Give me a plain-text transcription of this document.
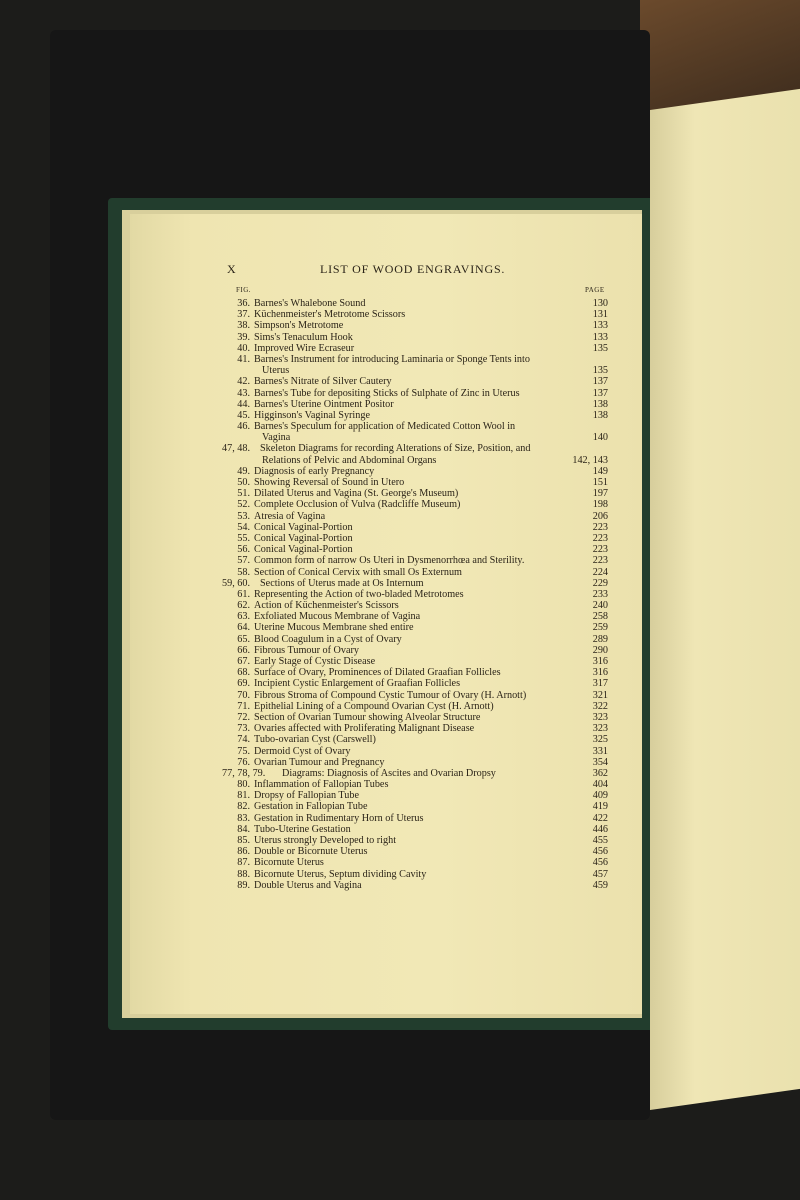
X	LIST OF WOOD ENGRAVINGS.
FIG.	PAGE
36. Barnes's Whalebone Sound	130
37. Küchenmeister's Metrotome Scissors	131
38. Simpson's Metrotome	133
39. Sims's Tenaculum Hook	133
40. Improved Wire Ecraseur	135
41. Barnes's Instrument for introducing Laminaria or Sponge Tents into
Uterus	135
42. Barnes's Nitrate of Silver Cautery	137
43. Barnes's Tube for depositing Sticks of Sulphate of Zinc in Uterus	137
44. Barnes's Uterine Ointment Positor	138
45. Higginson's Vaginal Syringe	138
46. Barnes's Speculum for application of Medicated Cotton Wool in
Vagina	140
47, 48. Skeleton Diagrams for recording Alterations of Size, Position, and
Relations of Pelvic and Abdominal Organs	142, 143
49. Diagnosis of early Pregnancy	149
50. Showing Reversal of Sound in Utero	151
51. Dilated Uterus and Vagina (St. George's Museum)	197
52. Complete Occlusion of Vulva (Radcliffe Museum)	198
53. Atresia of Vagina	206
54. Conical Vaginal-Portion	223
55. Conical Vaginal-Portion	223
56. Conical Vaginal-Portion	223
57. Common form of narrow Os Uteri in Dysmenorrhœa and Sterility.	223
58. Section of Conical Cervix with small Os Externum	224
59, 60. Sections of Uterus made at Os Internum	229
61. Representing the Action of two-bladed Metrotomes	233
62. Action of Küchenmeister's Scissors	240
63. Exfoliated Mucous Membrane of Vagina	258
64. Uterine Mucous Membrane shed entire	259
65. Blood Coagulum in a Cyst of Ovary	289
66. Fibrous Tumour of Ovary	290
67. Early Stage of Cystic Disease	316
68. Surface of Ovary, Prominences of Dilated Graafian Follicles	316
69. Incipient Cystic Enlargement of Graafian Follicles	317
70. Fibrous Stroma of Compound Cystic Tumour of Ovary (H. Arnott)	321
71. Epithelial Lining of a Compound Ovarian Cyst (H. Arnott)	322
72. Section of Ovarian Tumour showing Alveolar Structure	323
73. Ovaries affected with Proliferating Malignant Disease	323
74. Tubo-ovarian Cyst (Carswell)	325
75. Dermoid Cyst of Ovary	331
76. Ovarian Tumour and Pregnancy	354
77, 78, 79. Diagrams: Diagnosis of Ascites and Ovarian Dropsy	362
80. Inflammation of Fallopian Tubes	404
81. Dropsy of Fallopian Tube	409
82. Gestation in Fallopian Tube	419
83. Gestation in Rudimentary Horn of Uterus	422
84. Tubo-Uterine Gestation	446
85. Uterus strongly Developed to right	455
86. Double or Bicornute Uterus	456
87. Bicornute Uterus	456
88. Bicornute Uterus, Septum dividing Cavity	457
89. Double Uterus and Vagina	459
